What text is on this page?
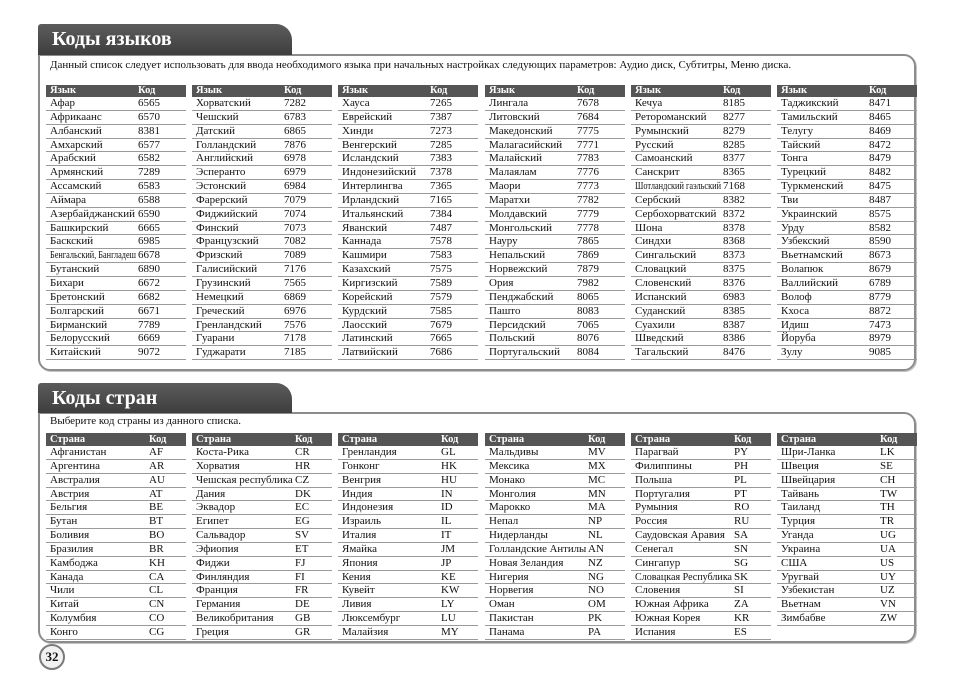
Коды языков
Данный список следует использовать для ввода необходимого языка при начальных настройках следующих параметров: Аудио диск, Субтитры, Меню диска.
Язык	Код
Афар	6565
Африкаанс	6570
Албанский	8381
Амхарский	6577
Арабский	6582
Армянский	7289
Ассамский	6583
Аймара	6588
Азербайджанский 6590
Башкирский	6665
Баскский	6985
Бенгальский, Бангладеш 6678
Бутанский	6890
Бихари	6672
Бретонский	6682
Болгарский	6671
Бирманский	7789
Белорусский	6669
Китайский	9072
Язык	Код
Хорватский	7282
Чешский	6783
Датский	6865
Голландский	7876
Английский	6978
Эсперанто	6979
Эстонский	6984
Фарерский	7079
Фиджийский	7074
Финский	7073
Французский	7082
Фризский	7089
Галисийский	7176
Грузинский	7565
Немецкий	6869
Греческий	6976
Гренландский	7576
Гуарани	7178
Гуджарати	7185
Язык	Код
Хауса	7265
Еврейский	7387
Хинди	7273
Венгерский	7285
Исландский	7383
Индонезийский	7378
Интерлингва	7365
Ирландский	7165
Итальянский	7384
Яванский	7487
Каннада	7578
Кашмири	7583
Казахский	7575
Киргизский	7589
Корейский	7579
Курдский	7585
Лаосский	7679
Латинский	7665
Латвийский	7686
Язык	Код
Лингала	7678
Литовский	7684
Македонский	7775
Малагасийский	7771
Малайский	7783
Малаялам	7776
Маори	7773
Маратхи	7782
Молдавский	7779
Монгольский	7778
Науру	7865
Непальский	7869
Норвежский	7879
Ория	7982
Пенджабский	8065
Пашто	8083
Персидский	7065
Польский	8076
Португальский	8084
Язык	Код
Кечуа	8185
Ретороманский	8277
Румынский	8279
Русский	8285
Самоанский	8377
Санскрит	8365
Шотландский гаэльский 7168
Сербский	8382
Сербохорватский 8372
Шона	8378
Синдхи	8368
Сингальский	8373
Словацкий	8375
Словенский	8376
Испанский	6983
Суданский	8385
Суахили	8387
Шведский	8386
Тагальский	8476
Язык	Код
Таджикский	8471
Тамильский	8465
Телугу	8469
Тайский	8472
Тонга	8479
Турецкий	8482
Туркменский	8475
Тви	8487
Украинский	8575
Урду	8582
Узбекский	8590
Вьетнамский	8673
Волапюк	8679
Валлийский	6789
Волоф	8779
Кхоса	8872
Идиш	7473
Йоруба	8979
Зулу	9085
Коды стран
Выберите код страны из данного списка.
Страна	Код
Афганистан	AF
Аргентина	AR
Австралия	AU
Австрия	AT
Бельгия	BE
Бутан	BT
Боливия	BO
Бразилия	BR
Камбоджа	KH
Канада	CA
Чили	CL
Китай	CN
Колумбия	CO
Конго	CG
Страна	Код
Коста-Рика	CR
Хорватия	HR
Чешская республика CZ
Дания	DK
Эквадор	EC
Египет	EG
Сальвадор	SV
Эфиопия	ET
Фиджи	FJ
Финляндия	FI
Франция	FR
Германия	DE
Великобритания	GB
Греция	GR
Страна	Код
Гренландия	GL
Гонконг	HK
Венгрия	HU
Индия	IN
Индонезия	ID
Израиль	IL
Италия	IT
Ямайка	JM
Япония	JP
Кения	KE
Кувейт	KW
Ливия	LY
Люксембург	LU
Малайзия	MY
Страна	Код
Мальдивы	MV
Мексика	MX
Монако	MC
Монголия	MN
Марокко	MA
Непал	NP
Нидерланды	NL
Голландские Антилы AN
Новая Зеландия	NZ
Нигерия	NG
Норвегия	NO
Оман	OM
Пакистан	PK
Панама	PA
Страна	Код
Парагвай	PY
Филиппины	PH
Польша	PL
Португалия	PT
Румыния	RO
Россия	RU
Саудовская Аравия SA
Сенегал	SN
Сингапур	SG
Словацкая Республика SK
Словения	SI
Южная Африка	ZA
Южная Корея	KR
Испания	ES
Страна	Код
Шри-Ланка	LK
Швеция	SE
Швейцария	CH
Тайвань	TW
Таиланд	TH
Турция	TR
Уганда	UG
Украина	UA
США	US
Уругвай	UY
Узбекистан	UZ
Вьетнам	VN
Зимбабве	ZW
32
